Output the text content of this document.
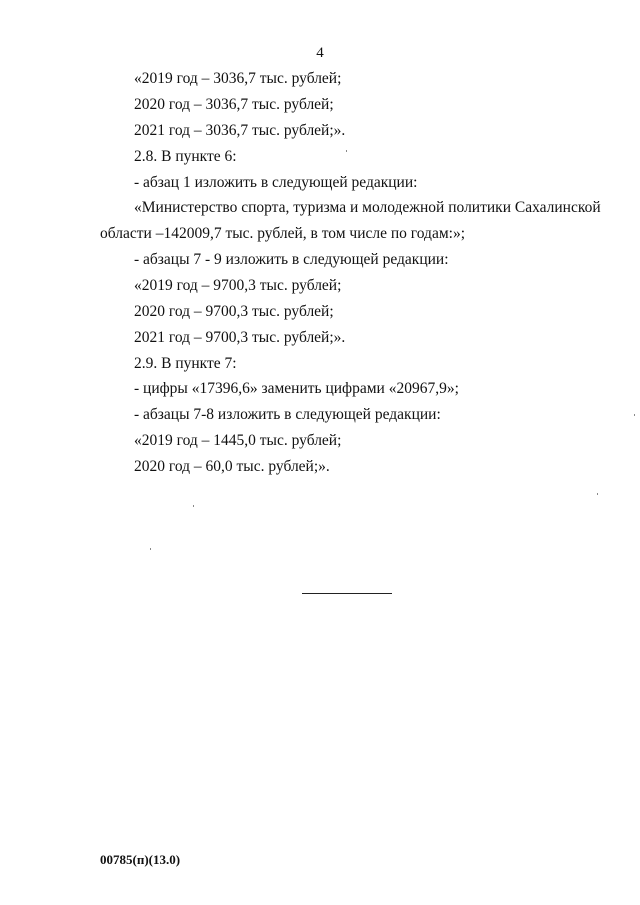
4
«2019 год – 3036,7 тыс. рублей;
2020 год – 3036,7 тыс. рублей;
2021 год – 3036,7 тыс. рублей;».
2.8. В пункте 6:
- абзац 1 изложить в следующей редакции:
«Министерство спорта, туризма и молодежной политики Сахалинской
области –142009,7 тыс. рублей, в том числе по годам:»;
- абзацы 7 - 9 изложить в следующей редакции:
«2019 год – 9700,3 тыс. рублей;
2020 год – 9700,3 тыс. рублей;
2021 год – 9700,3 тыс. рублей;».
2.9. В пункте 7:
- цифры «17396,6» заменить цифрами «20967,9»;
- абзацы 7-8 изложить в следующей редакции:
«2019 год – 1445,0 тыс. рублей;
2020 год – 60,0 тыс. рублей;».
00785(п)(13.0)
